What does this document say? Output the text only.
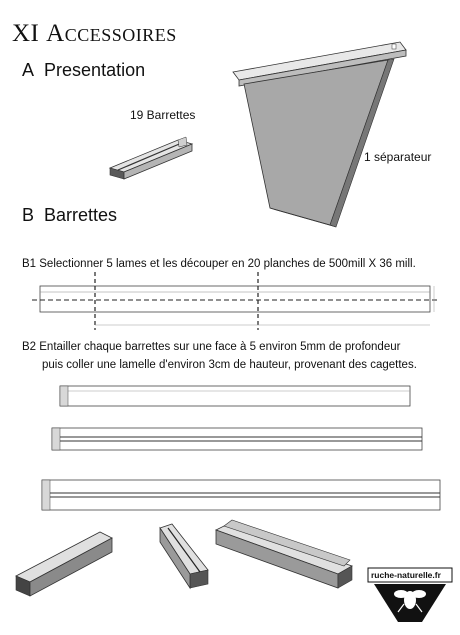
XI Accessoires
A Presentation
19 Barrettes
1 séparateur
B Barrettes
B1 Selectionner 5 lames et les découper en 20 planches de 500mill X 36 mill.
B2 Entailler chaque barrettes sur une face à 5 environ 5mm de profondeur
puis coller une lamelle d'environ 3cm de hauteur, provenant des cagettes.
ruche-naturelle.fr
